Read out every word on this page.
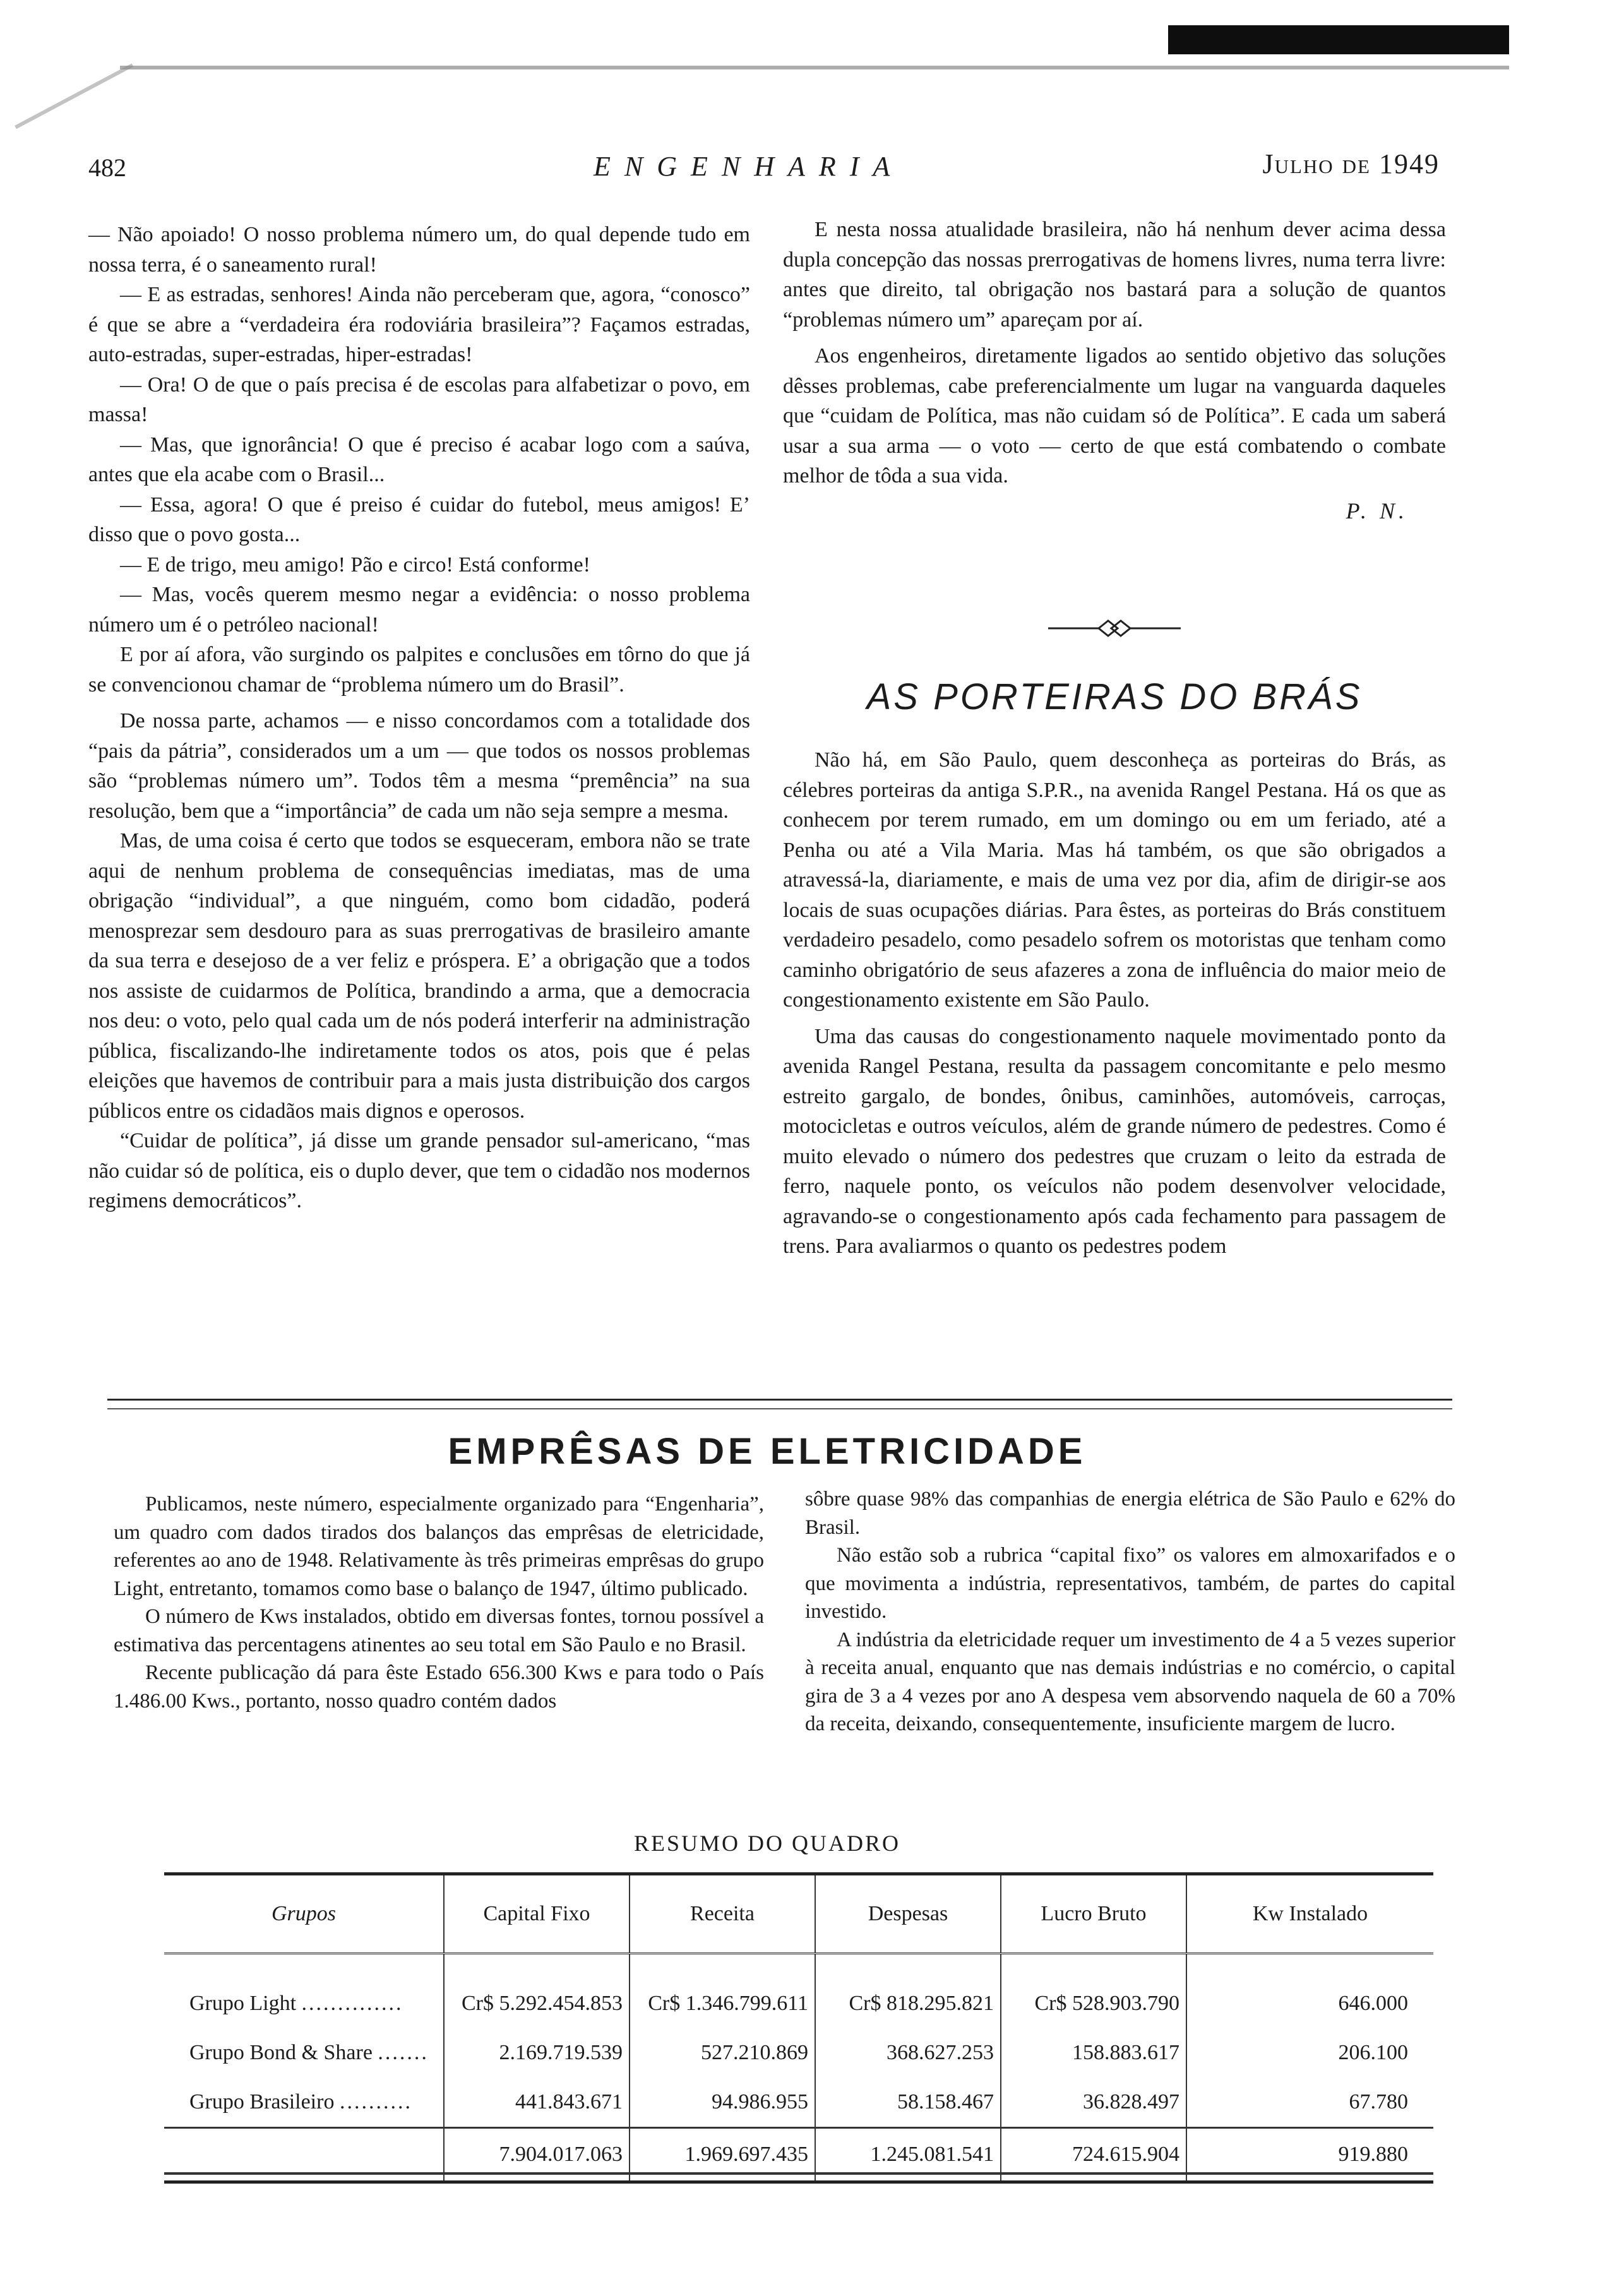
482	ENGENHARIA	Julho de 1949

— Não apoiado! O nosso problema número um, do qual depende tudo em nossa terra, é o saneamento rural!

— E as estradas, senhores! Ainda não perceberam que, agora, “conosco” é que se abre a “verdadeira éra rodoviária brasileira”? Façamos estradas, auto-estradas, super-estradas, hiper-estradas!

— Ora! O de que o país precisa é de escolas para alfabetizar o povo, em massa!

— Mas, que ignorância! O que é preciso é acabar logo com a saúva, antes que ela acabe com o Brasil...

— Essa, agora! O que é preiso é cuidar do futebol, meus amigos! E’ disso que o povo gosta...

— E de trigo, meu amigo! Pão e circo! Está conforme!

— Mas, vocês querem mesmo negar a evidência: o nosso problema número um é o petróleo nacional!

E por aí afora, vão surgindo os palpites e conclusões em tôrno do que já se convencionou chamar de “problema número um do Brasil”.

De nossa parte, achamos — e nisso concordamos com a totalidade dos “pais da pátria”, considerados um a um — que todos os nossos problemas são “problemas número um”. Todos têm a mesma “premência” na sua resolução, bem que a “importância” de cada um não seja sempre a mesma.

Mas, de uma coisa é certo que todos se esqueceram, embora não se trate aqui de nenhum problema de consequências imediatas, mas de uma obrigação “individual”, a que ninguém, como bom cidadão, poderá menosprezar sem desdouro para as suas prerrogativas de brasileiro amante da sua terra e desejoso de a ver feliz e próspera. E’ a obrigação que a todos nos assiste de cuidarmos de Política, brandindo a arma, que a democracia nos deu: o voto, pelo qual cada um de nós poderá interferir na administração pública, fiscalizando-lhe indiretamente todos os atos, pois que é pelas eleições que havemos de contribuir para a mais justa distribuição dos cargos públicos entre os cidadãos mais dignos e operosos.

“Cuidar de política”, já disse um grande pensador sul-americano, “mas não cuidar só de política, eis o duplo dever, que tem o cidadão nos modernos regimens democráticos”.

E nesta nossa atualidade brasileira, não há nenhum dever acima dessa dupla concepção das nossas prerrogativas de homens livres, numa terra livre: antes que direito, tal obrigação nos bastará para a solução de quantos “problemas número um” apareçam por aí.

Aos engenheiros, diretamente ligados ao sentido objetivo das soluções dêsses problemas, cabe preferencialmente um lugar na vanguarda daqueles que “cuidam de Política, mas não cuidam só de Política”. E cada um saberá usar a sua arma — o voto — certo de que está combatendo o combate melhor de tôda a sua vida.

P. N.
AS PORTEIRAS DO BRÁS

Não há, em São Paulo, quem desconheça as porteiras do Brás, as célebres porteiras da antiga S.P.R., na avenida Rangel Pestana. Há os que as conhecem por terem rumado, em um domingo ou em um feriado, até a Penha ou até a Vila Maria. Mas há também, os que são obrigados a atravessá-la, diariamente, e mais de uma vez por dia, afim de dirigir-se aos locais de suas ocupações diárias. Para êstes, as porteiras do Brás constituem verdadeiro pesadelo, como pesadelo sofrem os motoristas que tenham como caminho obrigatório de seus afazeres a zona de influência do maior meio de congestionamento existente em São Paulo.

Uma das causas do congestionamento naquele movimentado ponto da avenida Rangel Pestana, resulta da passagem concomitante e pelo mesmo estreito gargalo, de bondes, ônibus, caminhões, automóveis, carroças, motocicletas e outros veículos, além de grande número de pedestres. Como é muito elevado o número dos pedestres que cruzam o leito da estrada de ferro, naquele ponto, os veículos não podem desenvolver velocidade, agravando-se o congestionamento após cada fechamento para passagem de trens. Para avaliarmos o quanto os pedestres podem

EMPRÊSAS DE ELETRICIDADE

Publicamos, neste número, especialmente organizado para “Engenharia”, um quadro com dados tirados dos balanços das emprêsas de eletricidade, referentes ao ano de 1948. Relativamente às três primeiras emprêsas do grupo Light, entretanto, tomamos como base o balanço de 1947, último publicado.

O número de Kws instalados, obtido em diversas fontes, tornou possível a estimativa das percentagens atinentes ao seu total em São Paulo e no Brasil.

Recente publicação dá para êste Estado 656.300 Kws e para todo o País 1.486.00 Kws., portanto, nosso quadro contém dados

sôbre quase 98% das companhias de energia elétrica de São Paulo e 62% do Brasil.

Não estão sob a rubrica “capital fixo” os valores em almoxarifados e o que movimenta a indústria, representativos, também, de partes do capital investido.

A indústria da eletricidade requer um investimento de 4 a 5 vezes superior à receita anual, enquanto que nas demais indústrias e no comércio, o capital gira de 3 a 4 vezes por ano A despesa vem absorvendo naquela de 60 a 70% da receita, deixando, consequentemente, insuficiente margem de lucro.

RESUMO DO QUADRO
Grupos	Capital Fixo	Receita	Despesas	Lucro Bruto	Kw Instalado
Grupo Light ..............	Cr$ 5.292.454.853	Cr$ 1.346.799.611	Cr$ 818.295.821	Cr$ 528.903.790	646.000
Grupo Bond & Share .......	2.169.719.539	527.210.869	368.627.253	158.883.617	206.100
Grupo Brasileiro ..........	441.843.671	94.986.955	58.158.467	36.828.497	67.780
	7.904.017.063	1.969.697.435	1.245.081.541	724.615.904	919.880
